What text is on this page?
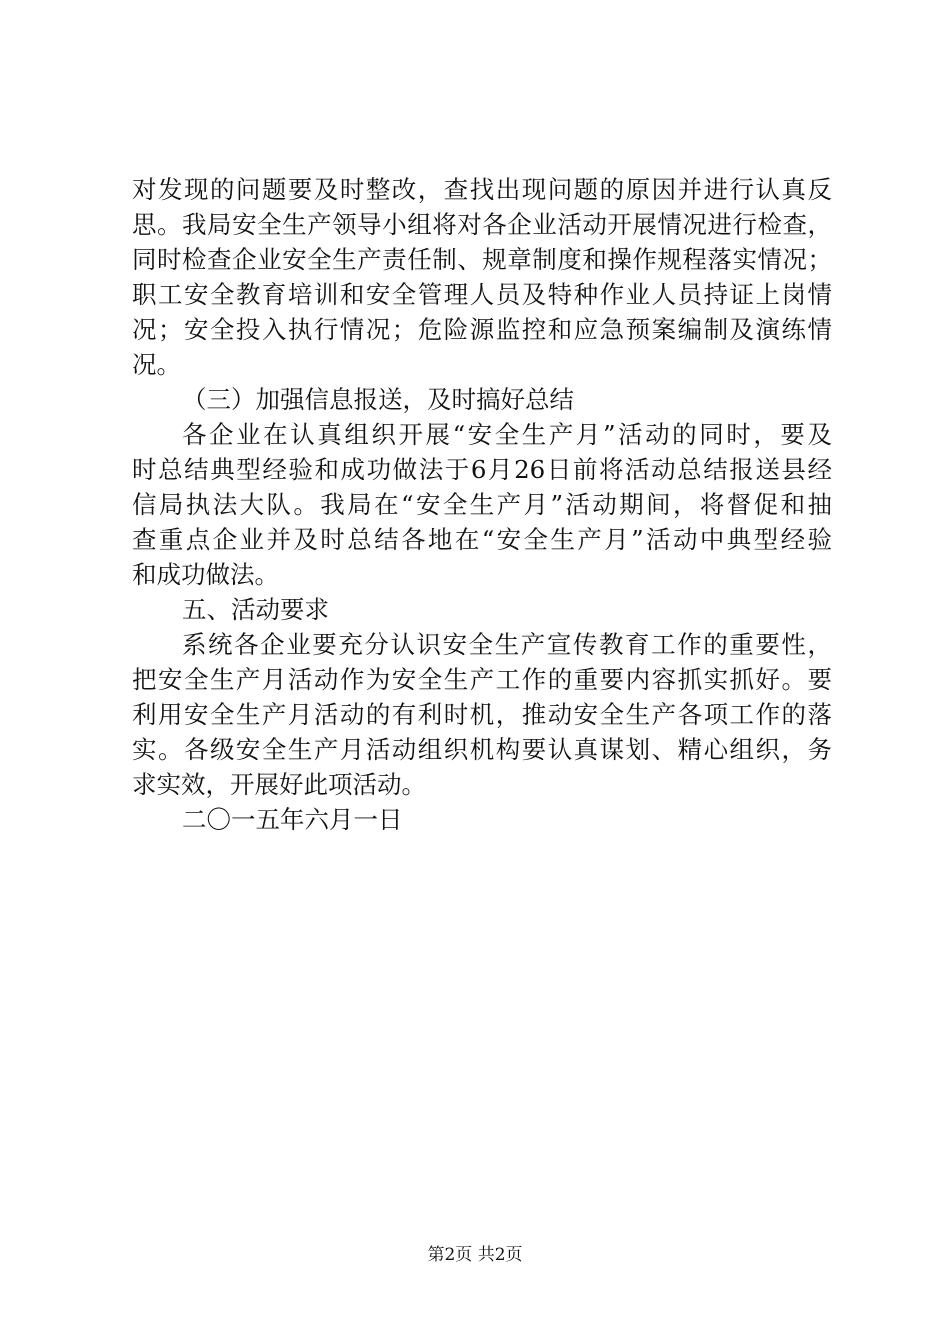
对发现的问题要及时整改，查找出现问题的原因并进行认真反
思。我局安全生产领导小组将对各企业活动开展情况进行检查，
同时检查企业安全生产责任制、规章制度和操作规程落实情况；
职工安全教育培训和安全管理人员及特种作业人员持证上岗情
况；安全投入执行情况；危险源监控和应急预案编制及演练情
况。
（三）加强信息报送，及时搞好总结
各企业在认真组织开展“安全生产月”活动的同时，要及
时总结典型经验和成功做法于6月26日前将活动总结报送县经
信局执法大队。我局在“安全生产月”活动期间，将督促和抽
查重点企业并及时总结各地在“安全生产月”活动中典型经验
和成功做法。
五、活动要求
系统各企业要充分认识安全生产宣传教育工作的重要性，
把安全生产月活动作为安全生产工作的重要内容抓实抓好。要
利用安全生产月活动的有利时机，推动安全生产各项工作的落
实。各级安全生产月活动组织机构要认真谋划、精心组织，务
求实效，开展好此项活动。
二〇一五年六月一日
第2页 共2页
